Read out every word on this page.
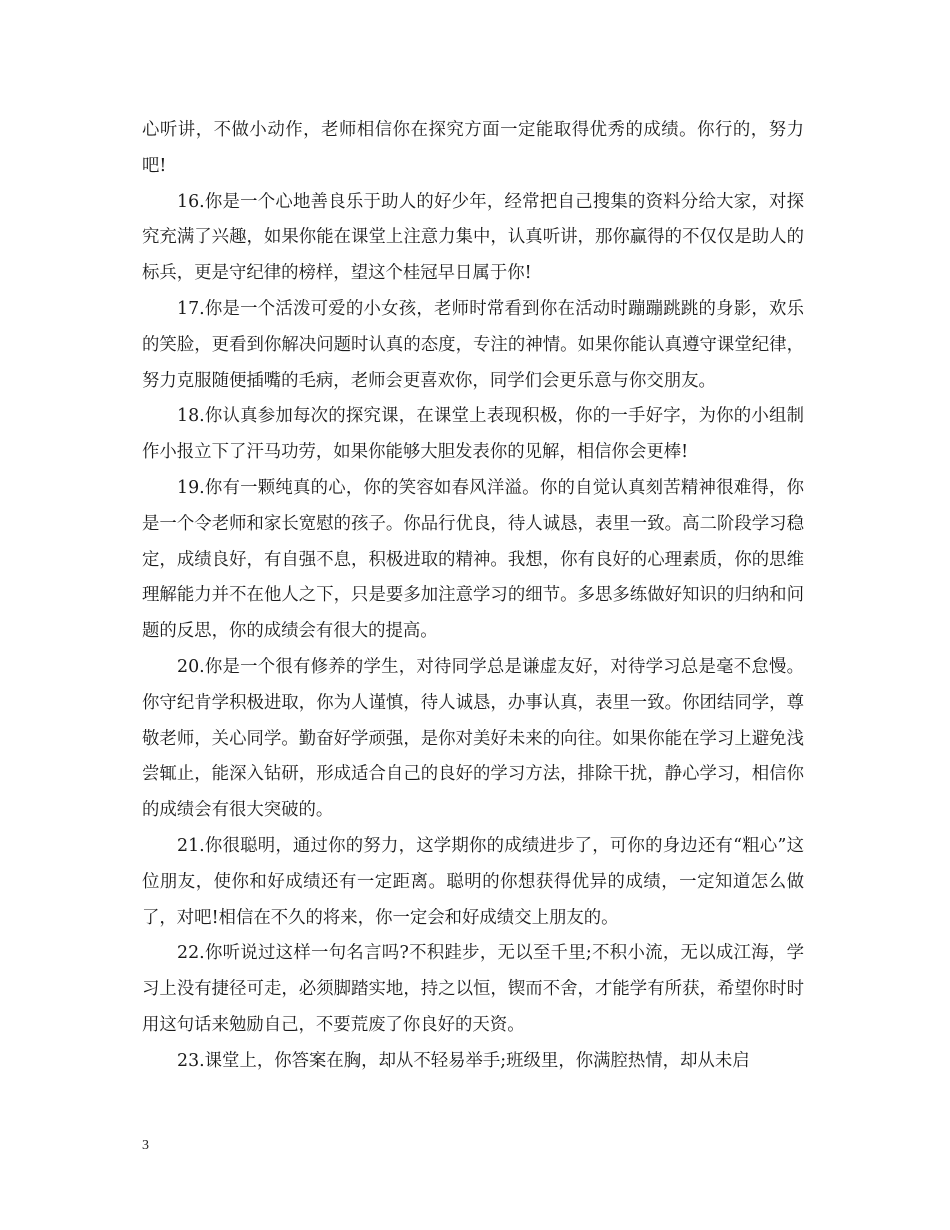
心听讲，不做小动作，老师相信你在探究方面一定能取得优秀的成绩。你行的，努力吧!

16.你是一个心地善良乐于助人的好少年，经常把自己搜集的资料分给大家，对探究充满了兴趣，如果你能在课堂上注意力集中，认真听讲，那你赢得的不仅仅是助人的标兵，更是守纪律的榜样，望这个桂冠早日属于你!

17.你是一个活泼可爱的小女孩，老师时常看到你在活动时蹦蹦跳跳的身影，欢乐的笑脸，更看到你解决问题时认真的态度，专注的神情。如果你能认真遵守课堂纪律，努力克服随便插嘴的毛病，老师会更喜欢你，同学们会更乐意与你交朋友。

18.你认真参加每次的探究课，在课堂上表现积极，你的一手好字，为你的小组制作小报立下了汗马功劳，如果你能够大胆发表你的见解，相信你会更棒!

19.你有一颗纯真的心，你的笑容如春风洋溢。你的自觉认真刻苦精神很难得，你是一个令老师和家长宽慰的孩子。你品行优良，待人诚恳，表里一致。高二阶段学习稳定，成绩良好，有自强不息，积极进取的精神。我想，你有良好的心理素质，你的思维理解能力并不在他人之下，只是要多加注意学习的细节。多思多练做好知识的归纳和问题的反思，你的成绩会有很大的提高。

20.你是一个很有修养的学生，对待同学总是谦虚友好，对待学习总是毫不怠慢。你守纪肯学积极进取，你为人谨慎，待人诚恳，办事认真，表里一致。你团结同学，尊敬老师，关心同学。勤奋好学顽强，是你对美好未来的向往。如果你能在学习上避免浅尝辄止，能深入钻研，形成适合自己的良好的学习方法，排除干扰，静心学习，相信你的成绩会有很大突破的。

21.你很聪明，通过你的努力，这学期你的成绩进步了，可你的身边还有“粗心”这位朋友，使你和好成绩还有一定距离。聪明的你想获得优异的成绩，一定知道怎么做了，对吧!相信在不久的将来，你一定会和好成绩交上朋友的。

22.你听说过这样一句名言吗?不积跬步，无以至千里;不积小流，无以成江海，学习上没有捷径可走，必须脚踏实地，持之以恒，锲而不舍，才能学有所获，希望你时时用这句话来勉励自己，不要荒废了你良好的天资。

23.课堂上，你答案在胸，却从不轻易举手;班级里，你满腔热情，却从未启

3
